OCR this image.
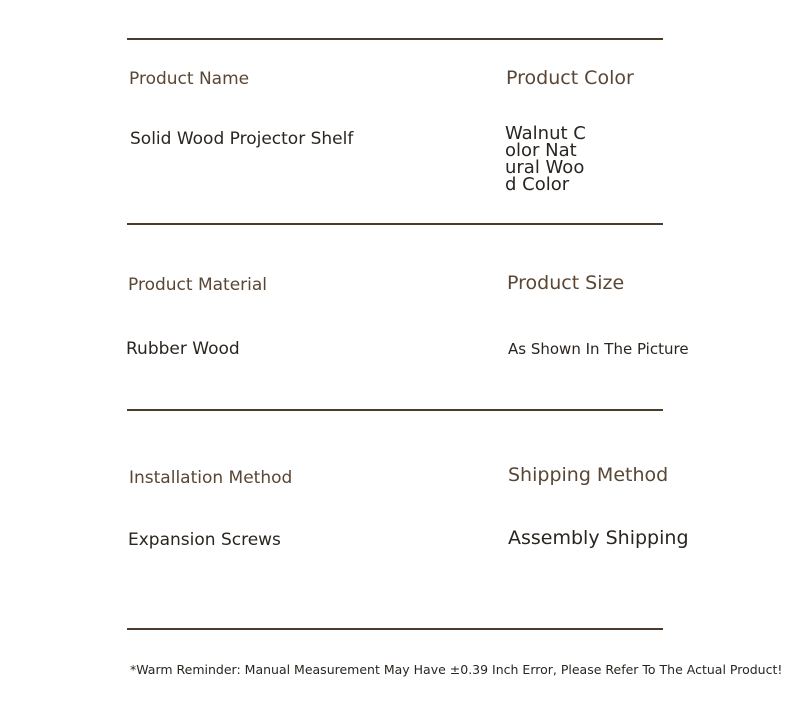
Product Name
Solid Wood Projector Shelf
Product Color
Walnut Color Natural Wood Color
Product Material
Rubber Wood
Product Size
As Shown In The Picture
Installation Method
Expansion Screws
Shipping Method
Assembly Shipping
*Warm Reminder: Manual Measurement May Have ±0.39 Inch Error, Please Refer To The Actual Product!
